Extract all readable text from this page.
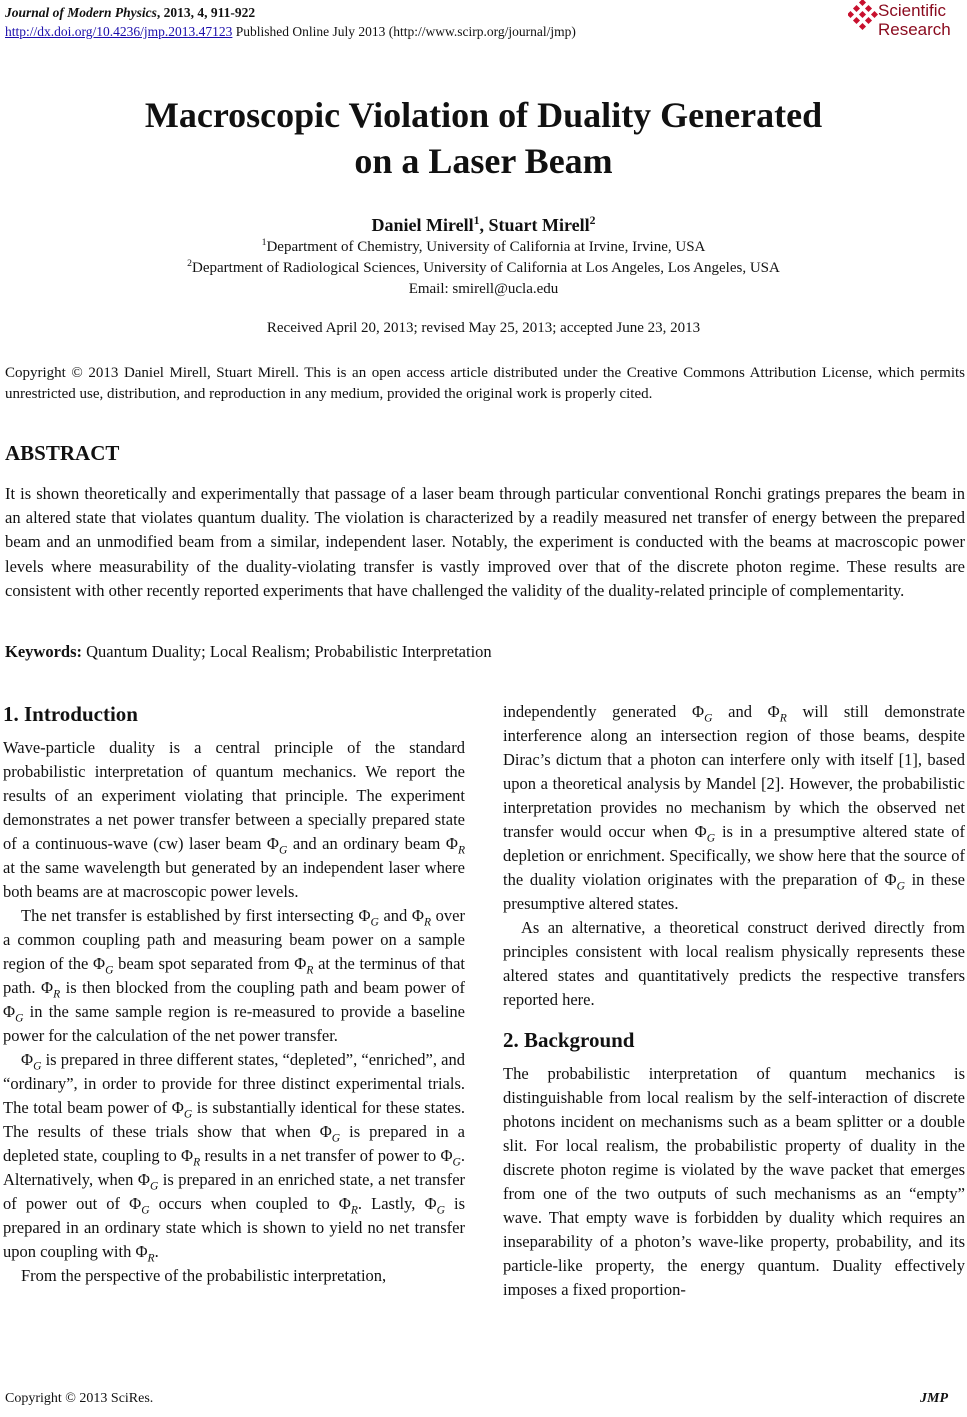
Journal of Modern Physics, 2013, 4, 911-922
http://dx.doi.org/10.4236/jmp.2013.47123 Published Online July 2013 (http://www.scirp.org/journal/jmp)
Scientific
Research
Macroscopic Violation of Duality Generated
on a Laser Beam
Daniel Mirell$^1$, Stuart Mirell$^2$
$^1$Department of Chemistry, University of California at Irvine, Irvine, USA
$^2$Department of Radiological Sciences, University of California at Los Angeles, Los Angeles, USA
Email: smirell@ucla.edu
Received April 20, 2013; revised May 25, 2013; accepted June 23, 2013
Copyright © 2013 Daniel Mirell, Stuart Mirell. This is an open access article distributed under the Creative Commons Attribution License, which permits unrestricted use, distribution, and reproduction in any medium, provided the original work is properly cited.
ABSTRACT
It is shown theoretically and experimentally that passage of a laser beam through particular conventional Ronchi gratings prepares the beam in an altered state that violates quantum duality. The violation is characterized by a readily measured net transfer of energy between the prepared beam and an unmodified beam from a similar, independent laser. Notably, the experiment is conducted with the beams at macroscopic power levels where measurability of the duality-violating transfer is vastly improved over that of the discrete photon regime. These results are consistent with other recently reported experiments that have challenged the validity of the duality-related principle of complementarity.
Keywords: Quantum Duality; Local Realism; Probabilistic Interpretation
1. Introduction

Wave-particle duality is a central principle of the standard probabilistic interpretation of quantum mechanics. We report the results of an experiment violating that principle. The experiment demonstrates a net power transfer between a specially prepared state of a continuous-wave (cw) laser beam $\Phi_G$ and an ordinary beam $\Phi_R$ at the same wavelength but generated by an independent laser where both beams are at macroscopic power levels.

The net transfer is established by first intersecting $\Phi_G$ and $\Phi_R$ over a common coupling path and measuring beam power on a sample region of the $\Phi_G$ beam spot separated from $\Phi_R$ at the terminus of that path. $\Phi_R$ is then blocked from the coupling path and beam power of $\Phi_G$ in the same sample region is re-measured to provide a baseline power for the calculation of the net power transfer.

$\Phi_G$ is prepared in three different states, “depleted”, “enriched”, and “ordinary”, in order to provide for three distinct experimental trials. The total beam power of $\Phi_G$ is substantially identical for these states. The results of these trials show that when $\Phi_G$ is prepared in a depleted state, coupling to $\Phi_R$ results in a net transfer of power to $\Phi_G$. Alternatively, when $\Phi_G$ is prepared in an enriched state, a net transfer of power out of $\Phi_G$ occurs when coupled to $\Phi_R$. Lastly, $\Phi_G$ is prepared in an ordinary state which is shown to yield no net transfer upon coupling with $\Phi_R$.

From the perspective of the probabilistic interpretation,

independently generated $\Phi_G$ and $\Phi_R$ will still demonstrate interference along an intersection region of those beams, despite Dirac’s dictum that a photon can interfere only with itself [1], based upon a theoretical analysis by Mandel [2]. However, the probabilistic interpretation provides no mechanism by which the observed net transfer would occur when $\Phi_G$ is in a presumptive altered state of depletion or enrichment. Specifically, we show here that the source of the duality violation originates with the preparation of $\Phi_G$ in these presumptive altered states.

As an alternative, a theoretical construct derived directly from principles consistent with local realism physically represents these altered states and quantitatively predicts the respective transfers reported here.

2. Background

The probabilistic interpretation of quantum mechanics is distinguishable from local realism by the self-interaction of discrete photons incident on mechanisms such as a beam splitter or a double slit. For local realism, the probabilistic property of duality in the discrete photon regime is violated by the wave packet that emerges from one of the two outputs of such mechanisms as an “empty” wave. That empty wave is forbidden by duality which requires an inseparability of a photon’s wave-like property, probability, and its particle-like property, the energy quantum. Duality effectively imposes a fixed proportion-

Copyright © 2013 SciRes.	JMP
